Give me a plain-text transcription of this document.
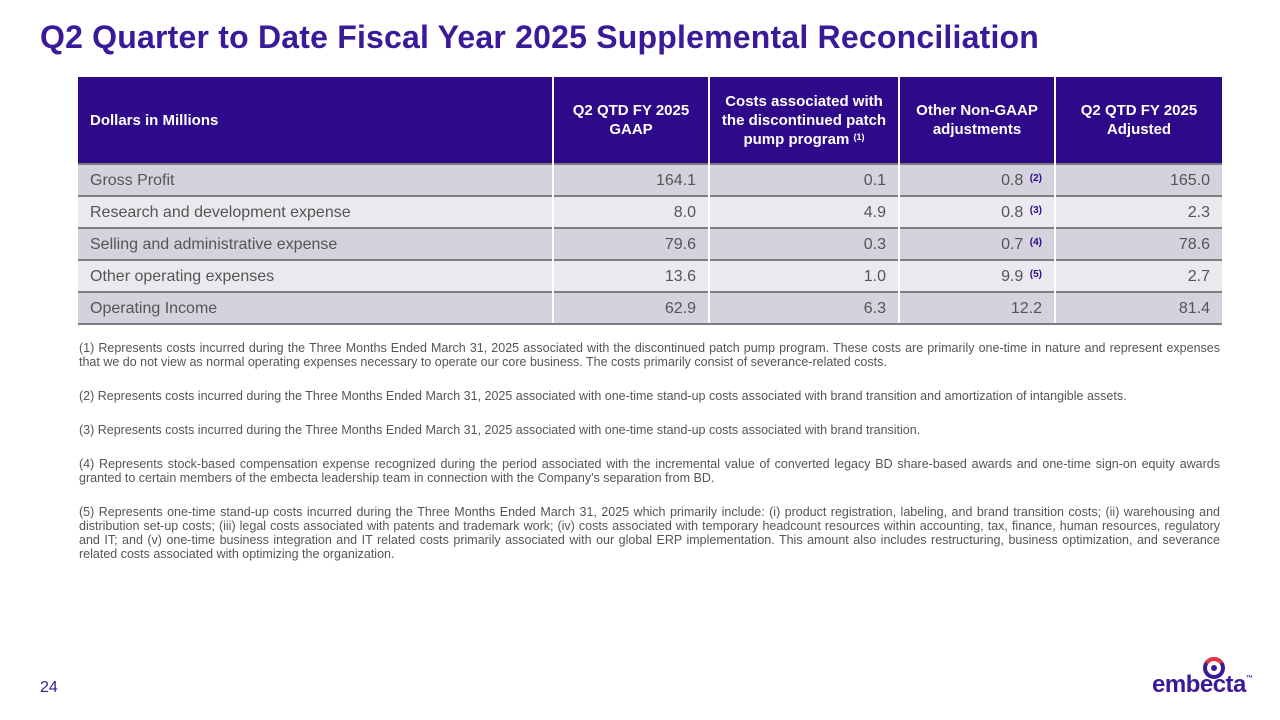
Q2 Quarter to Date Fiscal Year 2025 Supplemental Reconciliation
Dollars in Millions	Q2 QTD FY 2025 GAAP	Costs associated with the discontinued patch pump program $^{(1)}$	Other Non-GAAP adjustments	Q2 QTD FY 2025 Adjusted
Gross Profit	164.1	0.1	0.8 $^{(2)}$	165.0
Research and development expense	8.0	4.9	0.8 $^{(3)}$	2.3
Selling and administrative expense	79.6	0.3	0.7 $^{(4)}$	78.6
Other operating expenses	13.6	1.0	9.9 $^{(5)}$	2.7
Operating Income	62.9	6.3	12.2	81.4

(1) Represents costs incurred during the Three Months Ended March 31, 2025 associated with the discontinued patch pump program. These costs are primarily one-time in nature and represent expenses that we do not view as normal operating expenses necessary to operate our core business. The costs primarily consist of severance-related costs.

(2) Represents costs incurred during the Three Months Ended March 31, 2025 associated with one-time stand-up costs associated with brand transition and amortization of intangible assets.

(3) Represents costs incurred during the Three Months Ended March 31, 2025 associated with one-time stand-up costs associated with brand transition.

(4) Represents stock-based compensation expense recognized during the period associated with the incremental value of converted legacy BD share-based awards and one-time sign-on equity awards granted to certain members of the embecta leadership team in connection with the Company's separation from BD.

(5) Represents one-time stand-up costs incurred during the Three Months Ended March 31, 2025 which primarily include: (i) product registration, labeling, and brand transition costs; (ii) warehousing and distribution set-up costs; (iii) legal costs associated with patents and trademark work; (iv) costs associated with temporary headcount resources within accounting, tax, finance, human resources, regulatory and IT; and (v) one-time business integration and IT related costs primarily associated with our global ERP implementation. This amount also includes restructuring, business optimization, and severance related costs associated with optimizing the organization.

24	embecta™
